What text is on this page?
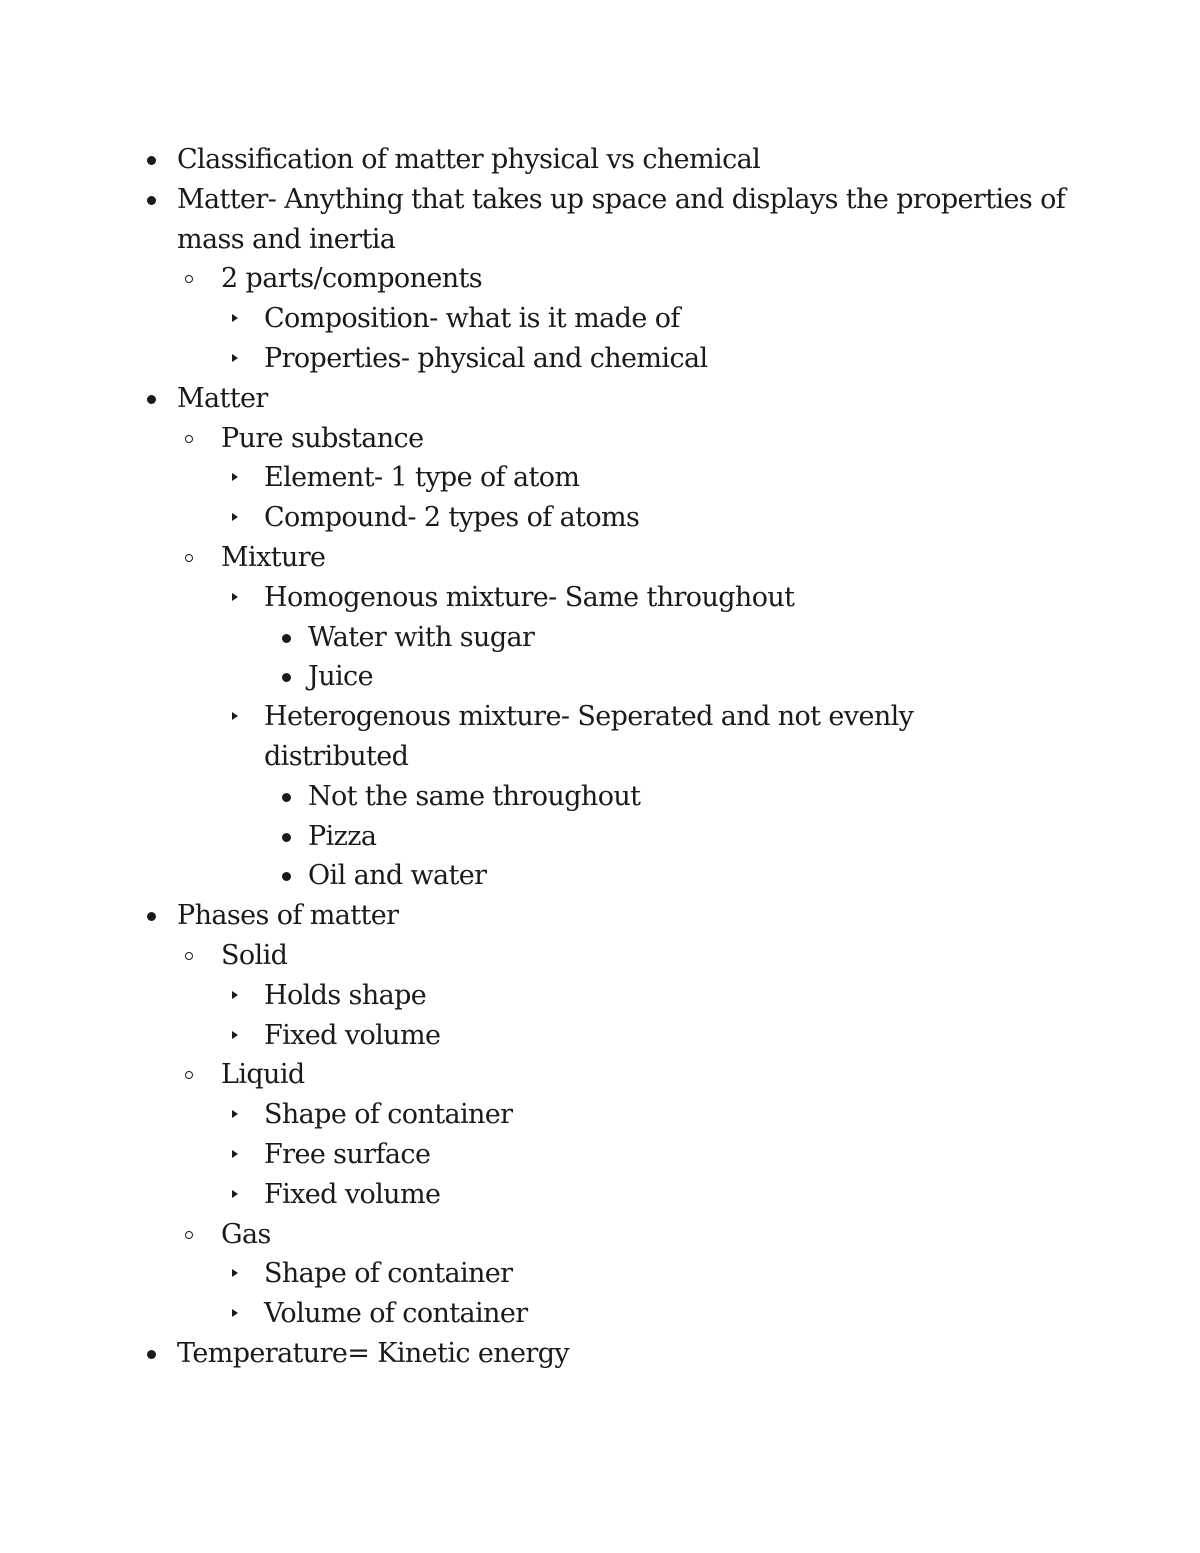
Classification of matter physical vs chemical
Matter- Anything that takes up space and displays the properties of mass and inertia
2 parts/components
Composition- what is it made of
Properties- physical and chemical
Matter
Pure substance
Element- 1 type of atom
Compound- 2 types of atoms
Mixture
Homogenous mixture- Same throughout
Water with sugar
Juice
Heterogenous mixture- Seperated and not evenly distributed
Not the same throughout
Pizza
Oil and water
Phases of matter
Solid
Holds shape
Fixed volume
Liquid
Shape of container
Free surface
Fixed volume
Gas
Shape of container
Volume of container
Temperature= Kinetic energy
